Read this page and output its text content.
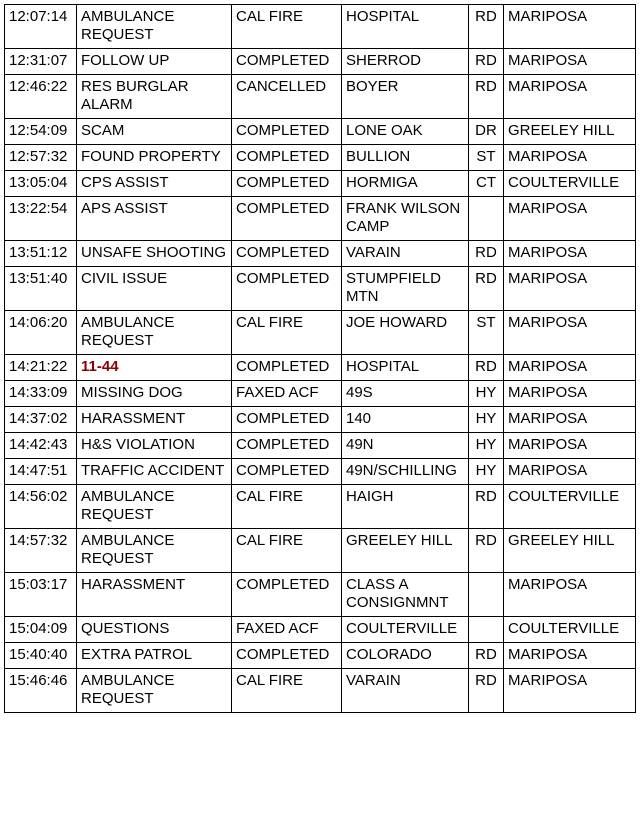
12:07:14	AMBULANCE REQUEST	CAL FIRE	HOSPITAL	RD	MARIPOSA
12:31:07	FOLLOW UP	COMPLETED	SHERROD	RD	MARIPOSA
12:46:22	RES BURGLAR ALARM	CANCELLED	BOYER	RD	MARIPOSA
12:54:09	SCAM	COMPLETED	LONE OAK	DR	GREELEY HILL
12:57:32	FOUND PROPERTY	COMPLETED	BULLION	ST	MARIPOSA
13:05:04	CPS ASSIST	COMPLETED	HORMIGA	CT	COULTERVILLE
13:22:54	APS ASSIST	COMPLETED	FRANK WILSON CAMP		MARIPOSA
13:51:12	UNSAFE SHOOTING	COMPLETED	VARAIN	RD	MARIPOSA
13:51:40	CIVIL ISSUE	COMPLETED	STUMPFIELD MTN	RD	MARIPOSA
14:06:20	AMBULANCE REQUEST	CAL FIRE	JOE HOWARD	ST	MARIPOSA
14:21:22	11-44	COMPLETED	HOSPITAL	RD	MARIPOSA
14:33:09	MISSING DOG	FAXED ACF	49S	HY	MARIPOSA
14:37:02	HARASSMENT	COMPLETED	140	HY	MARIPOSA
14:42:43	H&S VIOLATION	COMPLETED	49N	HY	MARIPOSA
14:47:51	TRAFFIC ACCIDENT	COMPLETED	49N/SCHILLING	HY	MARIPOSA
14:56:02	AMBULANCE REQUEST	CAL FIRE	HAIGH	RD	COULTERVILLE
14:57:32	AMBULANCE REQUEST	CAL FIRE	GREELEY HILL	RD	GREELEY HILL
15:03:17	HARASSMENT	COMPLETED	CLASS A CONSIGNMNT		MARIPOSA
15:04:09	QUESTIONS	FAXED ACF	COULTERVILLE		COULTERVILLE
15:40:40	EXTRA PATROL	COMPLETED	COLORADO	RD	MARIPOSA
15:46:46	AMBULANCE REQUEST	CAL FIRE	VARAIN	RD	MARIPOSA
